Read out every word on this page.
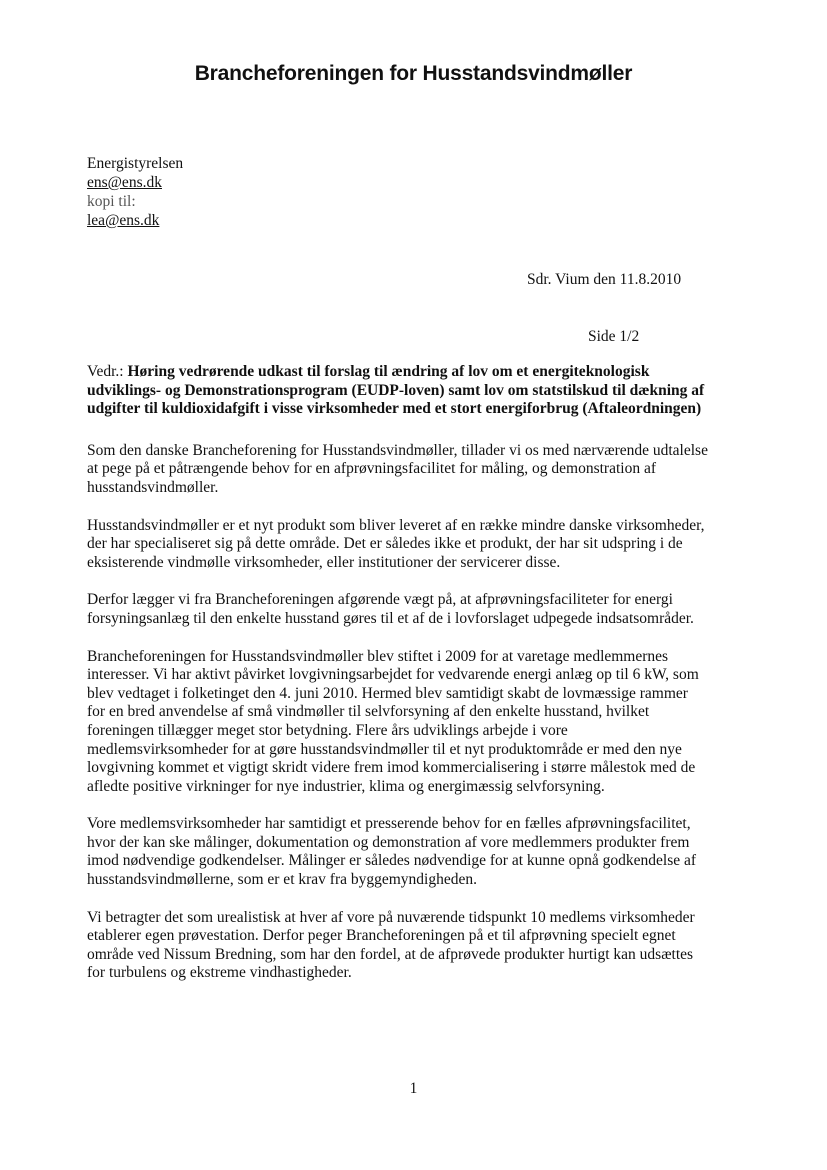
Brancheforeningen for Husstandsvindmøller
Energistyrelsen
ens@ens.dk
kopi til:
lea@ens.dk
Sdr. Vium den 11.8.2010
Side 1/2
Vedr.: Høring vedrørende udkast til forslag til ændring af lov om et energiteknologisk
udviklings- og Demonstrationsprogram (EUDP-loven) samt lov om statstilskud til dækning af
udgifter til kuldioxidafgift i visse virksomheder med et stort energiforbrug (Aftaleordningen)
Som den danske Brancheforening for Husstandsvindmøller, tillader vi os med nærværende udtalelse
at pege på et påtrængende behov for en afprøvningsfacilitet for måling, og demonstration af
husstandsvindmøller.
Husstandsvindmøller er et nyt produkt som bliver leveret af en række mindre danske virksomheder,
der har specialiseret sig på dette område. Det er således ikke et produkt, der har sit udspring i de
eksisterende vindmølle virksomheder, eller institutioner der servicerer disse.
Derfor lægger vi fra Brancheforeningen afgørende vægt på, at afprøvningsfaciliteter for energi
forsyningsanlæg til den enkelte husstand gøres til et af de i lovforslaget udpegede indsatsområder.
Brancheforeningen for Husstandsvindmøller blev stiftet i 2009 for at varetage medlemmernes
interesser. Vi har aktivt påvirket lovgivningsarbejdet for vedvarende energi anlæg op til 6 kW, som
blev vedtaget i folketinget den 4. juni 2010. Hermed blev samtidigt skabt de lovmæssige rammer
for en bred anvendelse af små vindmøller til selvforsyning af den enkelte husstand, hvilket
foreningen tillægger meget stor betydning. Flere års udviklings arbejde i vore
medlemsvirksomheder for at gøre husstandsvindmøller til et nyt produktområde er med den nye
lovgivning kommet et vigtigt skridt videre frem imod kommercialisering i større målestok med de
afledte positive virkninger for nye industrier, klima og energimæssig selvforsyning.
Vore medlemsvirksomheder har samtidigt et presserende behov for en fælles afprøvningsfacilitet,
hvor der kan ske målinger, dokumentation og demonstration af vore medlemmers produkter frem
imod nødvendige godkendelser. Målinger er således nødvendige for at kunne opnå godkendelse af
husstandsvindmøllerne, som er et krav fra byggemyndigheden.
Vi betragter det som urealistisk at hver af vore på nuværende tidspunkt 10 medlems virksomheder
etablerer egen prøvestation. Derfor peger Brancheforeningen på et til afprøvning specielt egnet
område ved Nissum Bredning, som har den fordel, at de afprøvede produkter hurtigt kan udsættes
for turbulens og ekstreme vindhastigheder.
1
